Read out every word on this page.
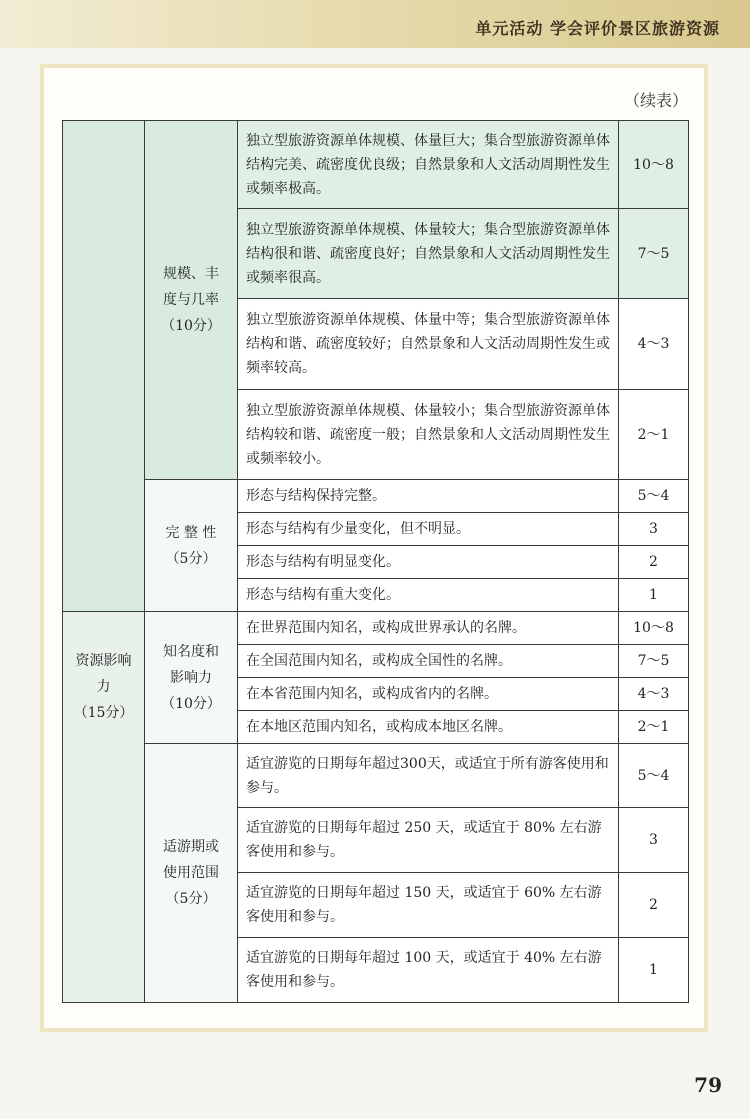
单元活动 学会评价景区旅游资源
（续表）
	规模、丰
度与几率
（10分）	独立型旅游资源单体规模、体量巨大；集合型旅游资源单体结构完美、疏密度优良级；自然景象和人文活动周期性发生或频率极高。	10～8
		独立型旅游资源单体规模、体量较大；集合型旅游资源单体结构很和谐、疏密度良好；自然景象和人文活动周期性发生或频率很高。	7～5
		独立型旅游资源单体规模、体量中等；集合型旅游资源单体结构和谐、疏密度较好；自然景象和人文活动周期性发生或频率较高。	4～3
		独立型旅游资源单体规模、体量较小；集合型旅游资源单体结构较和谐、疏密度一般；自然景象和人文活动周期性发生或频率较小。	2～1
	完 整 性
（5分）	形态与结构保持完整。	5～4
		形态与结构有少量变化，但不明显。	3
		形态与结构有明显变化。	2
		形态与结构有重大变化。	1
资源影响
力
（15分）	知名度和
影响力
（10分）	在世界范围内知名，或构成世界承认的名牌。	10～8
		在全国范围内知名，或构成全国性的名牌。	7～5
		在本省范围内知名，或构成省内的名牌。	4～3
		在本地区范围内知名，或构成本地区名牌。	2～1
	适游期或
使用范围
（5分）	适宜游览的日期每年超过300天，或适宜于所有游客使用和参与。	5～4
		适宜游览的日期每年超过 250 天，或适宜于 80% 左右游客使用和参与。	3
		适宜游览的日期每年超过 150 天，或适宜于 60% 左右游客使用和参与。	2
		适宜游览的日期每年超过 100 天，或适宜于 40% 左右游客使用和参与。	1
79
